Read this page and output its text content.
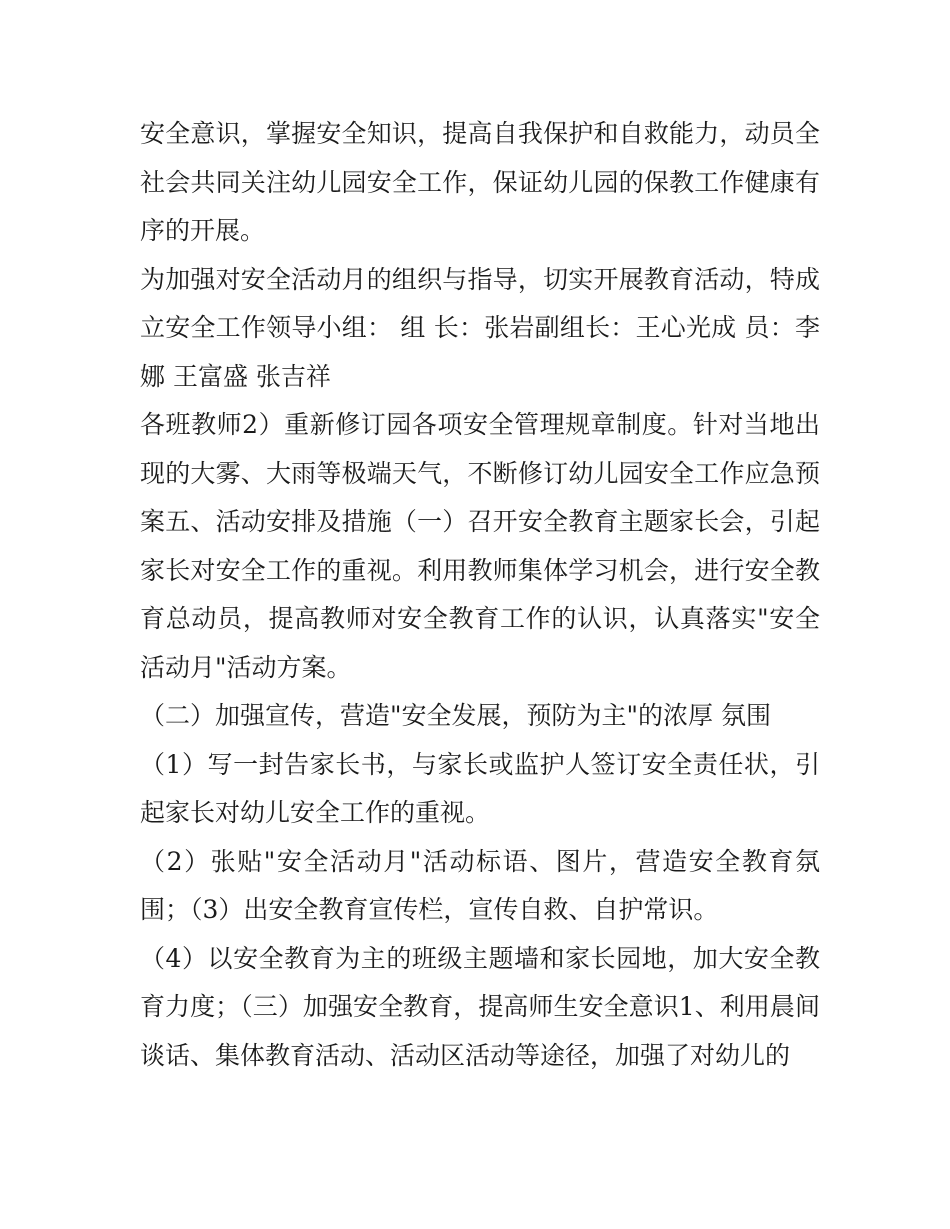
安全意识，掌握安全知识，提高自我保护和自救能力，动员全社会共同关注幼儿园安全工作，保证幼儿园的保教工作健康有序的开展。

为加强对安全活动月的组织与指导，切实开展教育活动，特成立安全工作领导小组： 组 长：张岩副组长：王心光成 员：李娜 王富盛 张吉祥

各班教师2）重新修订园各项安全管理规章制度。针对当地出现的大雾、大雨等极端天气，不断修订幼儿园安全工作应急预案五、活动安排及措施（一）召开安全教育主题家长会，引起家长对安全工作的重视。利用教师集体学习机会，进行安全教育总动员，提高教师对安全教育工作的认识，认真落实"安全活动月"活动方案。

（二）加强宣传，营造"安全发展，预防为主"的浓厚 氛围

（1）写一封告家长书，与家长或监护人签订安全责任状，引起家长对幼儿安全工作的重视。

（2）张贴"安全活动月"活动标语、图片，营造安全教育氛围；（3）出安全教育宣传栏，宣传自救、自护常识。

（4）以安全教育为主的班级主题墙和家长园地，加大安全教育力度；（三）加强安全教育，提高师生安全意识1、利用晨间谈话、集体教育活动、活动区活动等途径，加强了对幼儿的
